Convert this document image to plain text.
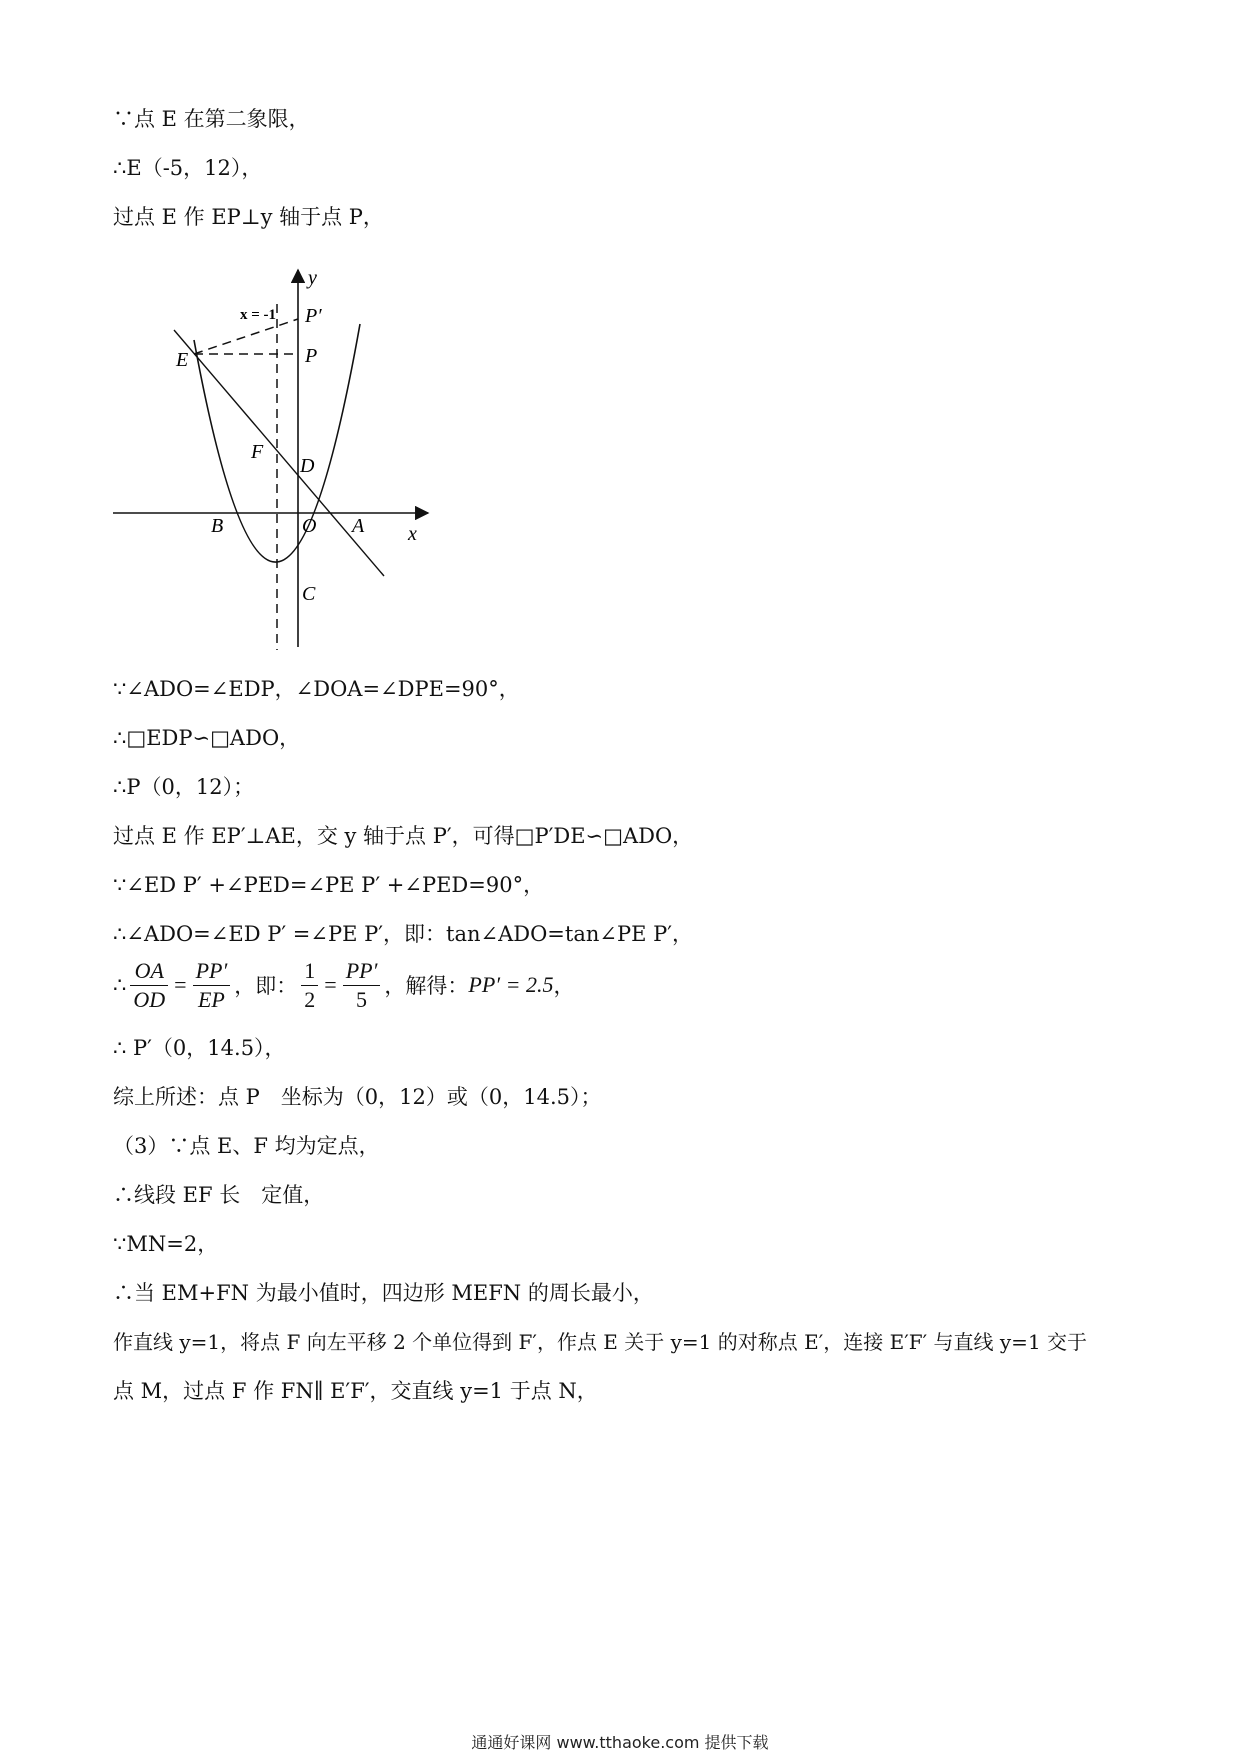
∵点 E 在第二象限，
∴E（-5，12），
过点 E 作 EP⊥y 轴于点 P，
y
x
x = -1 P′
P
E
F
D
B	O A
C
∵∠ADO=∠EDP，∠DOA=∠DPE=90°，
∴□EDP∽□ADO，
∴P（0，12）；
过点 E 作 EP′⊥AE，交 y 轴于点 P′，可得□P′DE∽□ADO，
∵∠ED P′ +∠PED=∠PE P′ +∠PED=90°，
∴∠ADO=∠ED P′ =∠PE P′，即：tan∠ADO=tan∠PE P′，
∴ $\frac{OA}{OD} = \frac{PP'}{EP}$ ，即： $\frac{1}{2} = \frac{PP'}{5}$ ，解得： PP′ = 2.5 ，
∴ P′（0，14.5），
综上所述：点 P　坐标为（0，12）或（0，14.5）；
（3）∵点 E、F 均为定点，
∴线段 EF 长　定值，
∵MN=2，
∴当 EM+FN 为最小值时，四边形 MEFN 的周长最小，
作直线 y=1，将点 F 向左平移 2 个单位得到 F′，作点 E 关于 y=1 的对称点 E′，连接 E′F′ 与直线 y=1 交于
点 M，过点 F 作 FN∥ E′F′，交直线 y=1 于点 N，
通通好课网 www.tthaoke.com 提供下载
